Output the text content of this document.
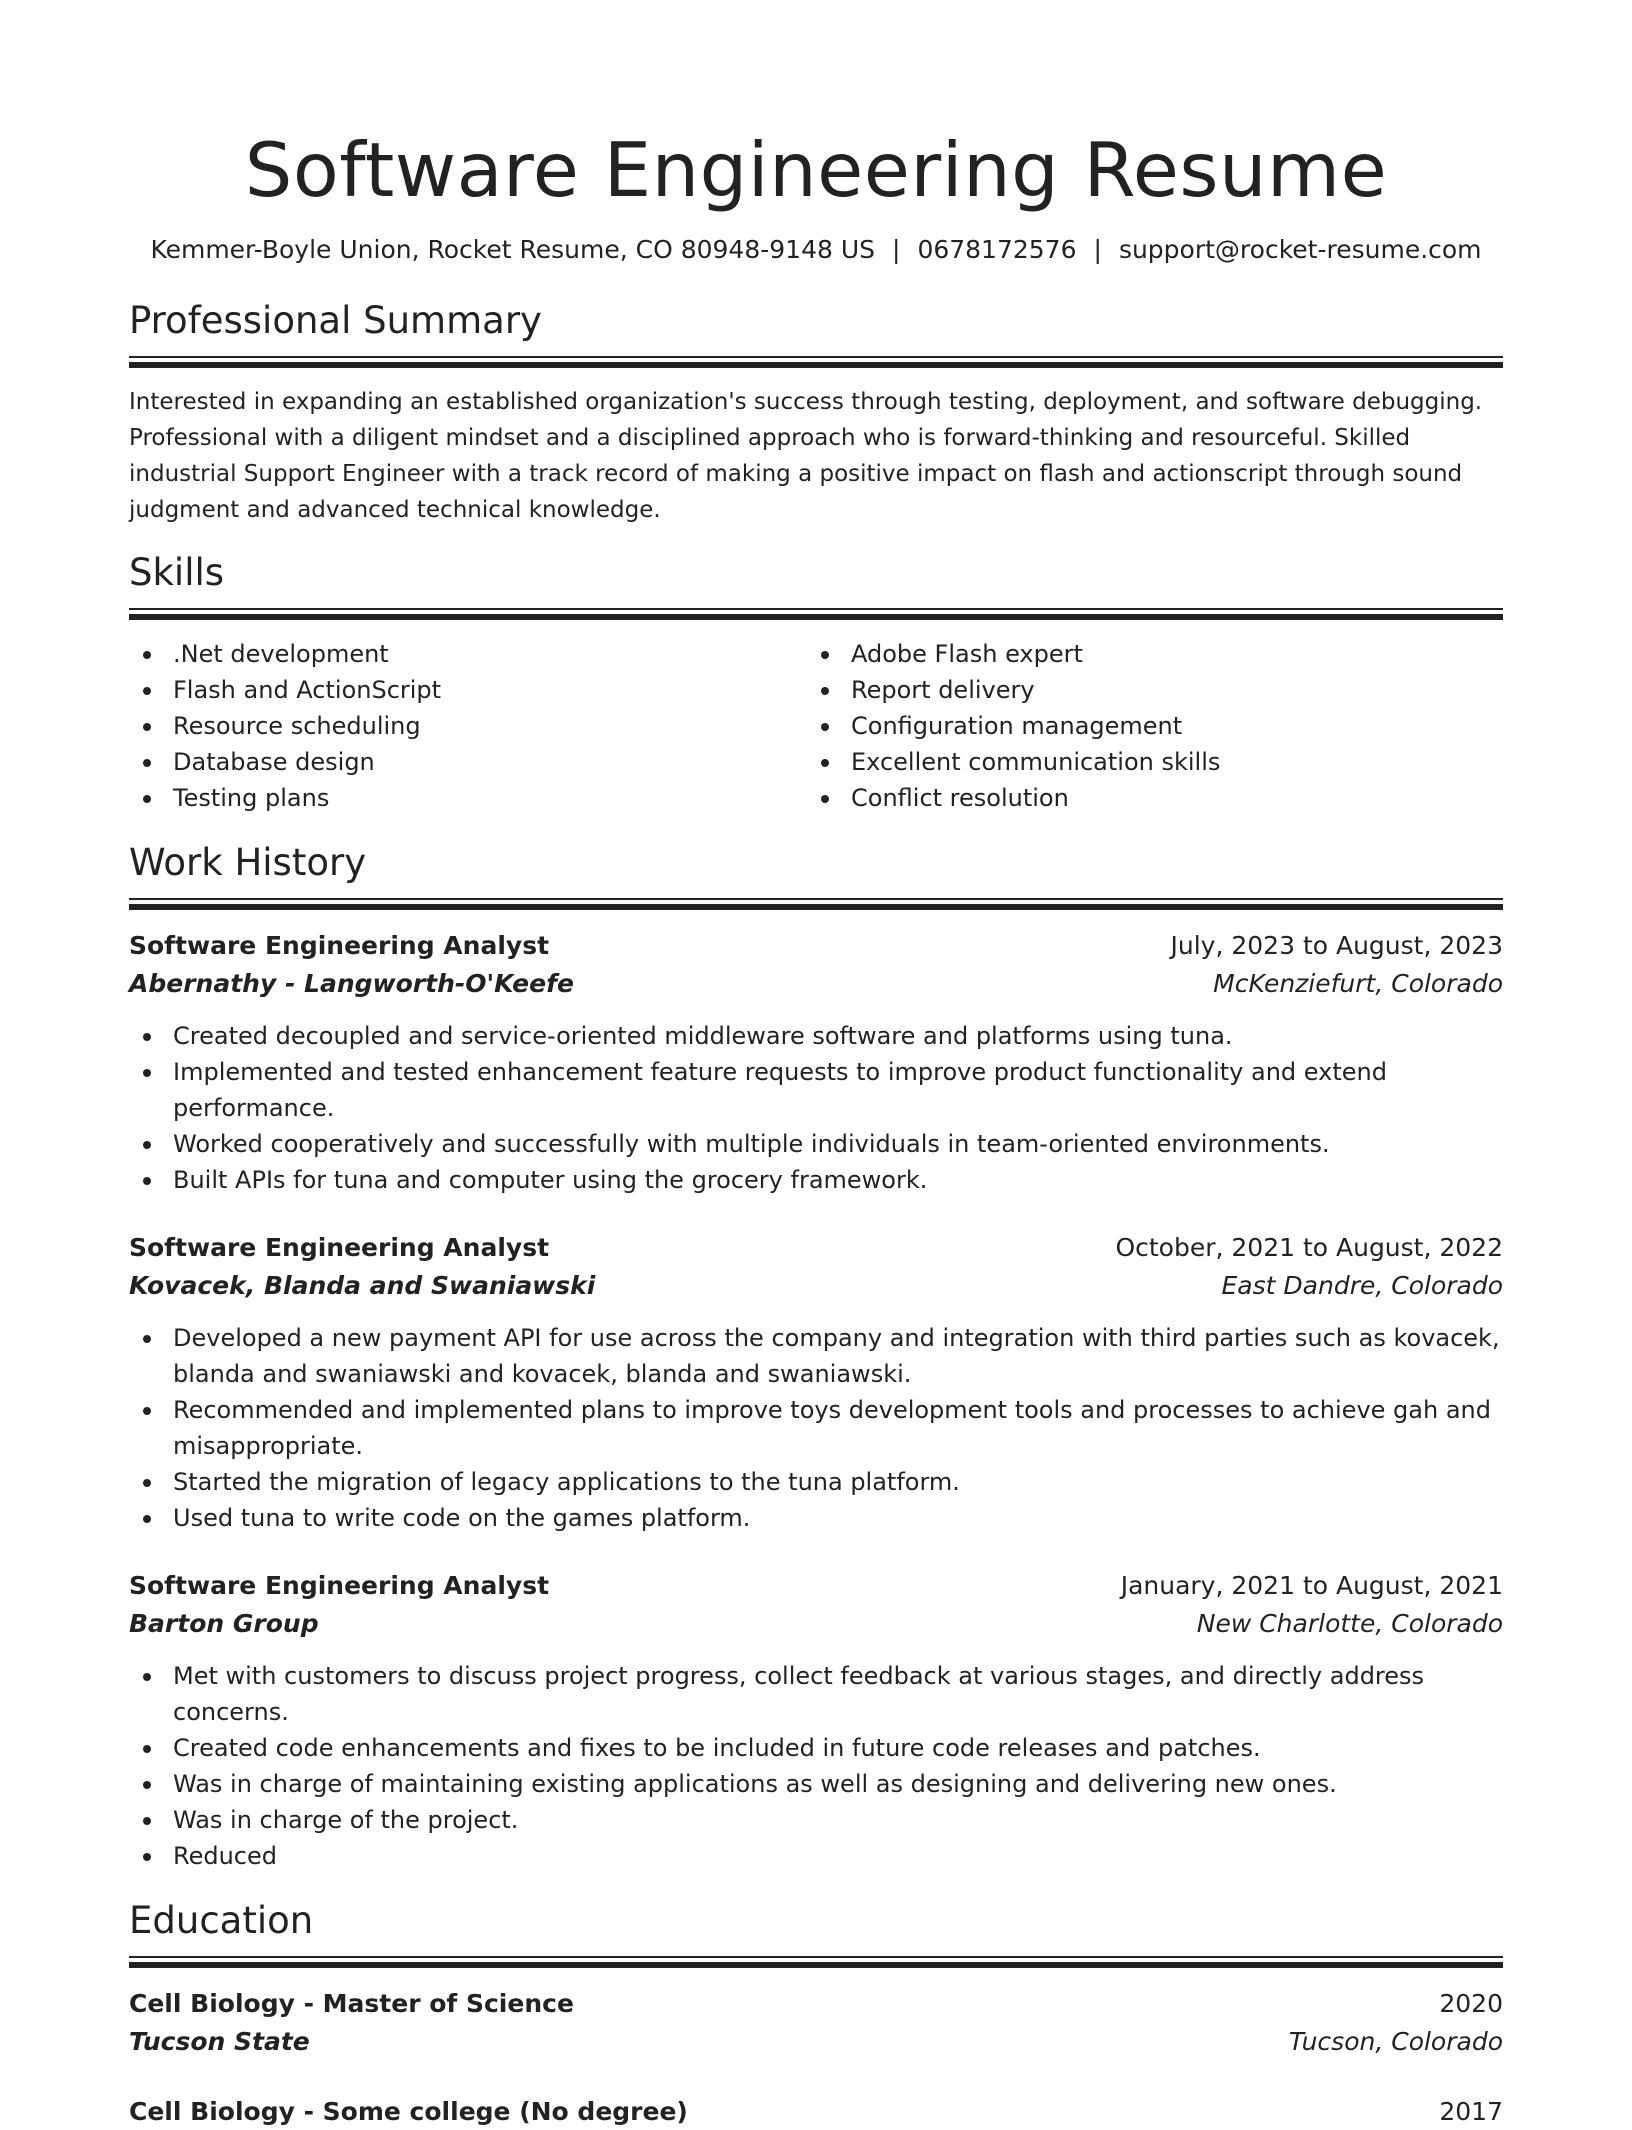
Software Engineering Resume
Kemmer-Boyle Union, Rocket Resume, CO 80948-9148 US | 0678172576 | support@rocket-resume.com
Professional Summary

Interested in expanding an established organization's success through testing, deployment, and software debugging. Professional with a diligent mindset and a disciplined approach who is forward-thinking and resourceful. Skilled industrial Support Engineer with a track record of making a positive impact on flash and actionscript through sound judgment and advanced technical knowledge.

Skills
.Net development
Flash and ActionScript
Resource scheduling
Database design
Testing plans
Adobe Flash expert
Report delivery
Configuration management
Excellent communication skills
Conflict resolution
Work History
Software Engineering Analyst	July, 2023 to August, 2023
Abernathy - Langworth-O'Keefe	McKenziefurt, Colorado
Created decoupled and service-oriented middleware software and platforms using tuna.
Implemented and tested enhancement feature requests to improve product functionality and extend performance.
Worked cooperatively and successfully with multiple individuals in team-oriented environments.
Built APIs for tuna and computer using the grocery framework.
Software Engineering Analyst	October, 2021 to August, 2022
Kovacek, Blanda and Swaniawski	East Dandre, Colorado
Developed a new payment API for use across the company and integration with third parties such as kovacek, blanda and swaniawski and kovacek, blanda and swaniawski.
Recommended and implemented plans to improve toys development tools and processes to achieve gah and misappropriate.
Started the migration of legacy applications to the tuna platform.
Used tuna to write code on the games platform.
Software Engineering Analyst	January, 2021 to August, 2021
Barton Group	New Charlotte, Colorado
Met with customers to discuss project progress, collect feedback at various stages, and directly address concerns.
Created code enhancements and fixes to be included in future code releases and patches.
Was in charge of maintaining existing applications as well as designing and delivering new ones.
Was in charge of the project.
Reduced
Education
Cell Biology - Master of Science	2020
Tucson State	Tucson, Colorado
Cell Biology - Some college (No degree)	2017
